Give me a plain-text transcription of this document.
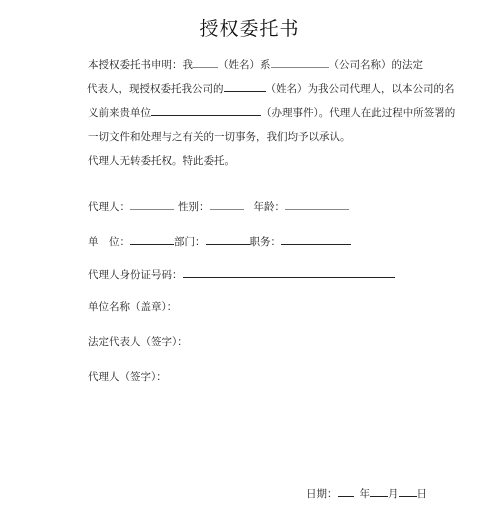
授权委托书

本授权委托书申明：我 （姓名）系	（公司名称）的法定

代表人，现授权委托我公司的	（姓名）为我公司代理人，以本公司的名

义前来贵单位	（办理事件）。代理人在此过程中所签署的

一切文件和处理与之有关的一切事务，我们均予以承认。

代理人无转委托权。特此委托。

代理人：	性别：	年龄：
单　位：	部门：	职务：
代理人身份证号码：
单位名称（盖章）：
法定代表人（签字）：
代理人（签字）：
日期： 年 月 日
